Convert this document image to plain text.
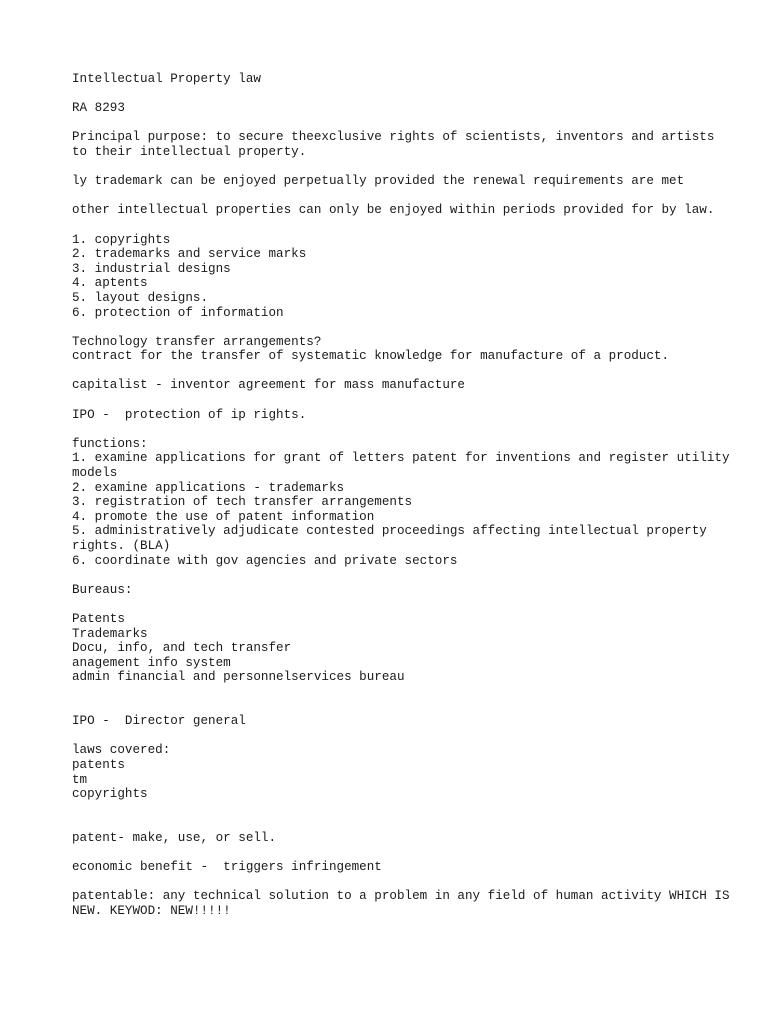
Intellectual Property law
RA 8293
Principal purpose: to secure theexclusive rights of scientists, inventors and artists to their intellectual property.
ly trademark can be enjoyed perpetually provided the renewal requirements are met
other intellectual properties can only be enjoyed within periods provided for by law.
1. copyrights
2. trademarks and service marks
3. industrial designs
4. aptents
5. layout designs.
6. protection of information
Technology transfer arrangements?
contract for the transfer of systematic knowledge for manufacture of a product.
capitalist - inventor agreement for mass manufacture
IPO -  protection of ip rights.
functions:
1. examine applications for grant of letters patent for inventions and register utility models
2. examine applications - trademarks
3. registration of tech transfer arrangements
4. promote the use of patent information
5. administratively adjudicate contested proceedings affecting intellectual property rights. (BLA)
6. coordinate with gov agencies and private sectors
Bureaus:
Patents
Trademarks
Docu, info, and tech transfer
anagement info system
admin financial and personnelservices bureau
IPO -  Director general
laws covered:
patents
tm
copyrights
patent- make, use, or sell.
economic benefit -  triggers infringement
patentable: any technical solution to a problem in any field of human activity WHICH IS NEW. KEYWOD: NEW!!!!!
